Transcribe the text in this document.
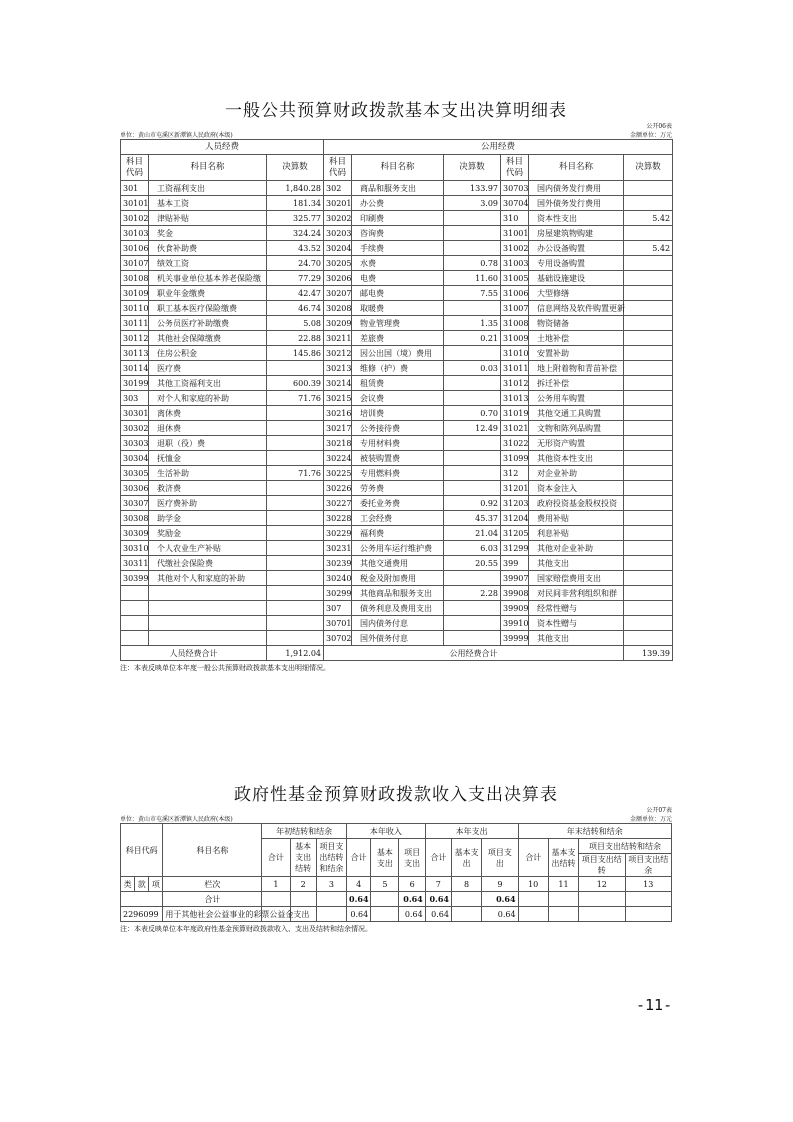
一般公共预算财政拨款基本支出决算明细表
公开06表
单位：黄山市屯溪区新潭镇人民政府(本级)	金额单位：万元
人员经费			公用经费					
科目代码	科目名称	决算数	科目代码	科目名称	决算数	科目代码	科目名称	决算数
301	工资福利支出	1,840.28	302	商品和服务支出	133.97	30703	国内债务发行费用	
30101	基本工资	181.34	30201	办公费	3.09	30704	国外债务发行费用	
30102	津贴补贴	325.77	30202	印刷费		310	资本性支出	5.42
30103	奖金	324.24	30203	咨询费		31001	房屋建筑物购建	
30106	伙食补助费	43.52	30204	手续费		31002	办公设备购置	5.42
30107	绩效工资	24.70	30205	水费	0.78	31003	专用设备购置	
30108	机关事业单位基本养老保险缴	77.29	30206	电费	11.60	31005	基础设施建设	
30109	职业年金缴费	42.47	30207	邮电费	7.55	31006	大型修缮	
30110	职工基本医疗保险缴费	46.74	30208	取暖费		31007	信息网络及软件购置更新	
30111	公务员医疗补助缴费	5.08	30209	物业管理费	1.35	31008	物资储备	
30112	其他社会保障缴费	22.88	30211	差旅费	0.21	31009	土地补偿	
30113	住房公积金	145.86	30212	因公出国（境）费用		31010	安置补助	
30114	医疗费		30213	维修（护）费	0.03	31011	地上附着物和青苗补偿	
30199	其他工资福利支出	600.39	30214	租赁费		31012	拆迁补偿	
303	对个人和家庭的补助	71.76	30215	会议费		31013	公务用车购置	
30301	离休费		30216	培训费	0.70	31019	其他交通工具购置	
30302	退休费		30217	公务接待费	12.49	31021	文物和陈列品购置	
30303	退职（役）费		30218	专用材料费		31022	无形资产购置	
30304	抚恤金		30224	被装购置费		31099	其他资本性支出	
30305	生活补助	71.76	30225	专用燃料费		312	对企业补助	
30306	救济费		30226	劳务费		31201	资本金注入	
30307	医疗费补助		30227	委托业务费	0.92	31203	政府投资基金股权投资	
30308	助学金		30228	工会经费	45.37	31204	费用补贴	
30309	奖励金		30229	福利费	21.04	31205	利息补贴	
30310	个人农业生产补贴		30231	公务用车运行维护费	6.03	31299	其他对企业补助	
30311	代缴社会保险费		30239	其他交通费用	20.55	399	其他支出	
30399	其他对个人和家庭的补助		30240	税金及附加费用		39907	国家赔偿费用支出	
			30299	其他商品和服务支出	2.28	39908	对民间非营利组织和群	
			307	债务利息及费用支出		39909	经常性赠与	
			30701	国内债务付息		39910	资本性赠与	
			30702	国外债务付息		39999	其他支出	
人员经费合计		1,912.04	公用经费合计					139.39
注：本表反映单位本年度一般公共预算财政拨款基本支出明细情况。
政府性基金预算财政拨款收入支出决算表
公开07表
单位：黄山市屯溪区新潭镇人民政府(本级)	金额单位：万元
科目代码			科目名称	年初结转和结余			本年收入			本年支出			年末结转和结余			
				合计	基本支出结转	项目支出结转和结余	合计	基本支出	项目支出	合计	基本支出	项目支出	合计	基本支出结转	项目支出结转和结余	
															项目支出结转	项目支出结余
类	款	项	栏次	1	2	3	4	5	6	7	8	9	10	11	12	13
			合计				0.64		0.64	0.64		0.64				
2296099			用于其他社会公益事业的彩票公益金支出				0.64		0.64	0.64		0.64				
注：本表反映单位本年度政府性基金预算财政拨款收入、支出及结转和结余情况。
-11-
